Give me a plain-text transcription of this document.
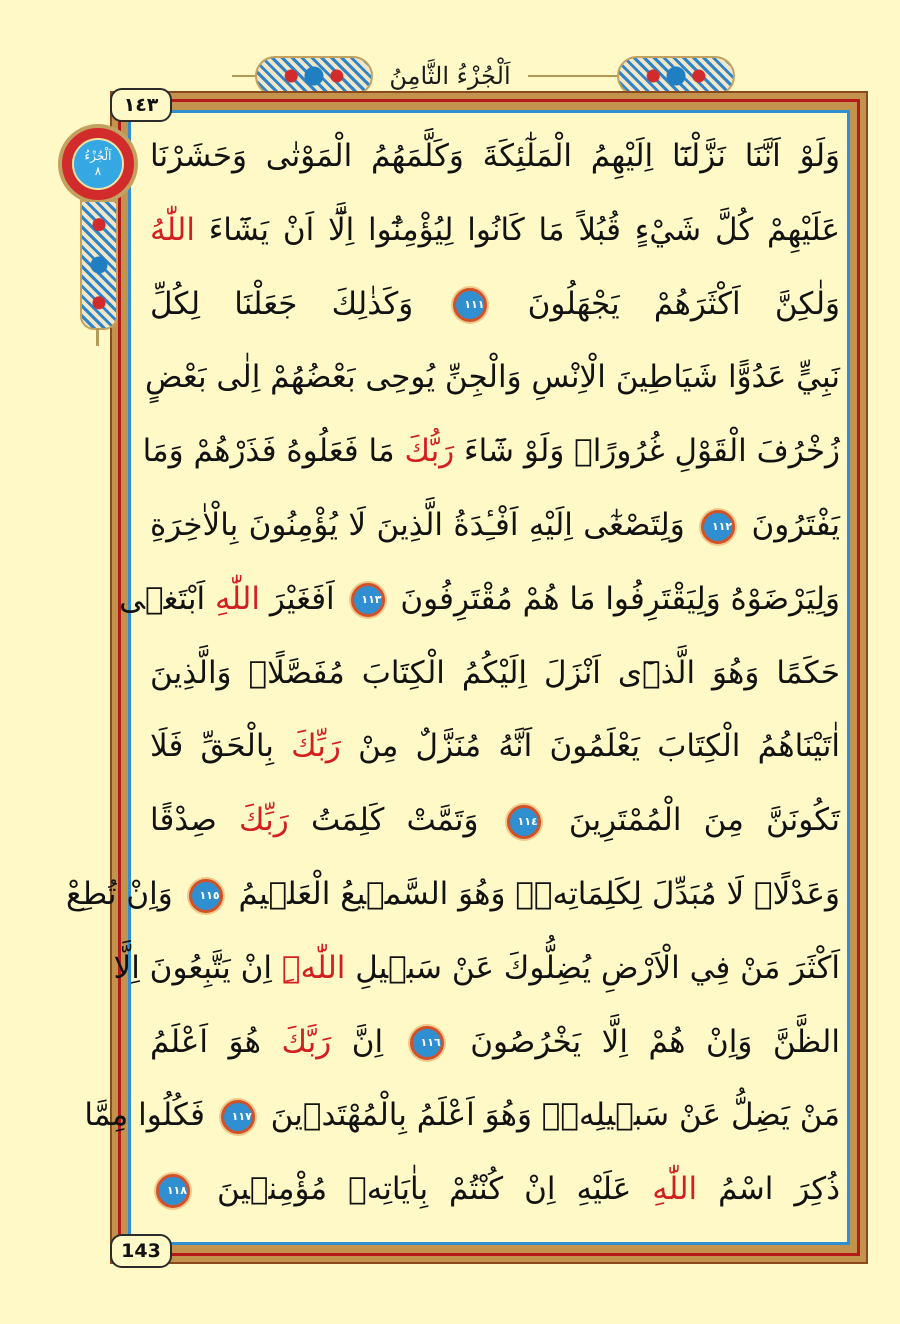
اَلْجُزْءُ الثَّامِنُ
اَلْجُزْءُ
٨
١٤٣
143
وَلَوْ اَنَّنَا نَزَّلْنَٓا اِلَيْهِمُ الْمَلٰٓئِكَةَ وَكَلَّمَهُمُ الْمَوْتٰى وَحَشَرْنَا
عَلَيْهِمْ كُلَّ شَيْءٍ قُبُلاً مَا كَانُوا لِيُؤْمِنُٓوا اِلَّٓا اَنْ يَشَٓاءَ اللّٰهُ
وَلٰكِنَّ اَكْثَرَهُمْ يَجْهَلُونَ ١١١ وَكَذٰلِكَ جَعَلْنَا لِكُلِّ
نَبِيٍّ عَدُوًّا شَيَاطِينَ الْاِنْسِ وَالْجِنِّ يُوحِى بَعْضُهُمْ اِلٰى بَعْضٍ
زُخْرُفَ الْقَوْلِ غُرُورًاۜ وَلَوْ شَٓاءَ رَبُّكَ مَا فَعَلُوهُ فَذَرْهُمْ وَمَا
يَفْتَرُونَ ١١٢ وَلِتَصْغٰٓى اِلَيْهِ اَفْـِٔدَةُ الَّذِينَ لَا يُؤْمِنُونَ بِالْاٰخِرَةِ
وَلِيَرْضَوْهُ وَلِيَقْتَرِفُوا مَا هُمْ مُقْتَرِفُونَ ١١٣ اَفَغَيْرَ اللّٰهِ اَبْتَغٖى
حَكَمًا وَهُوَ الَّذٖٓى اَنْزَلَ اِلَيْكُمُ الْكِتَابَ مُفَصَّلًاۜ وَالَّذِينَ
اٰتَيْنَاهُمُ الْكِتَابَ يَعْلَمُونَ اَنَّهُ مُنَزَّلٌ مِنْ رَبِّكَ بِالْحَقِّ فَلَا
تَكُونَنَّ مِنَ الْمُمْتَرِينَ ١١٤ وَتَمَّتْ كَلِمَتُ رَبِّكَ صِدْقًا
وَعَدْلًاۜ لَا مُبَدِّلَ لِكَلِمَاتِهٖۚ وَهُوَ السَّمٖيعُ الْعَلٖيمُ ١١٥ وَاِنْ تُطِعْ
اَكْثَرَ مَنْ فِي الْاَرْضِ يُضِلُّوكَ عَنْ سَبٖيلِ اللّٰهِۜ اِنْ يَتَّبِعُونَ اِلَّا
الظَّنَّ وَاِنْ هُمْ اِلَّا يَخْرُصُونَ ١١٦ اِنَّ رَبَّكَ هُوَ اَعْلَمُ
مَنْ يَضِلُّ عَنْ سَبٖيلِهٖۚ وَهُوَ اَعْلَمُ بِالْمُهْتَدٖينَ ١١٧ فَكُلُوا مِمَّا
ذُكِرَ اسْمُ اللّٰهِ عَلَيْهِ اِنْ كُنْتُمْ بِاٰيَاتِهٖ مُؤْمِنٖينَ ١١٨
